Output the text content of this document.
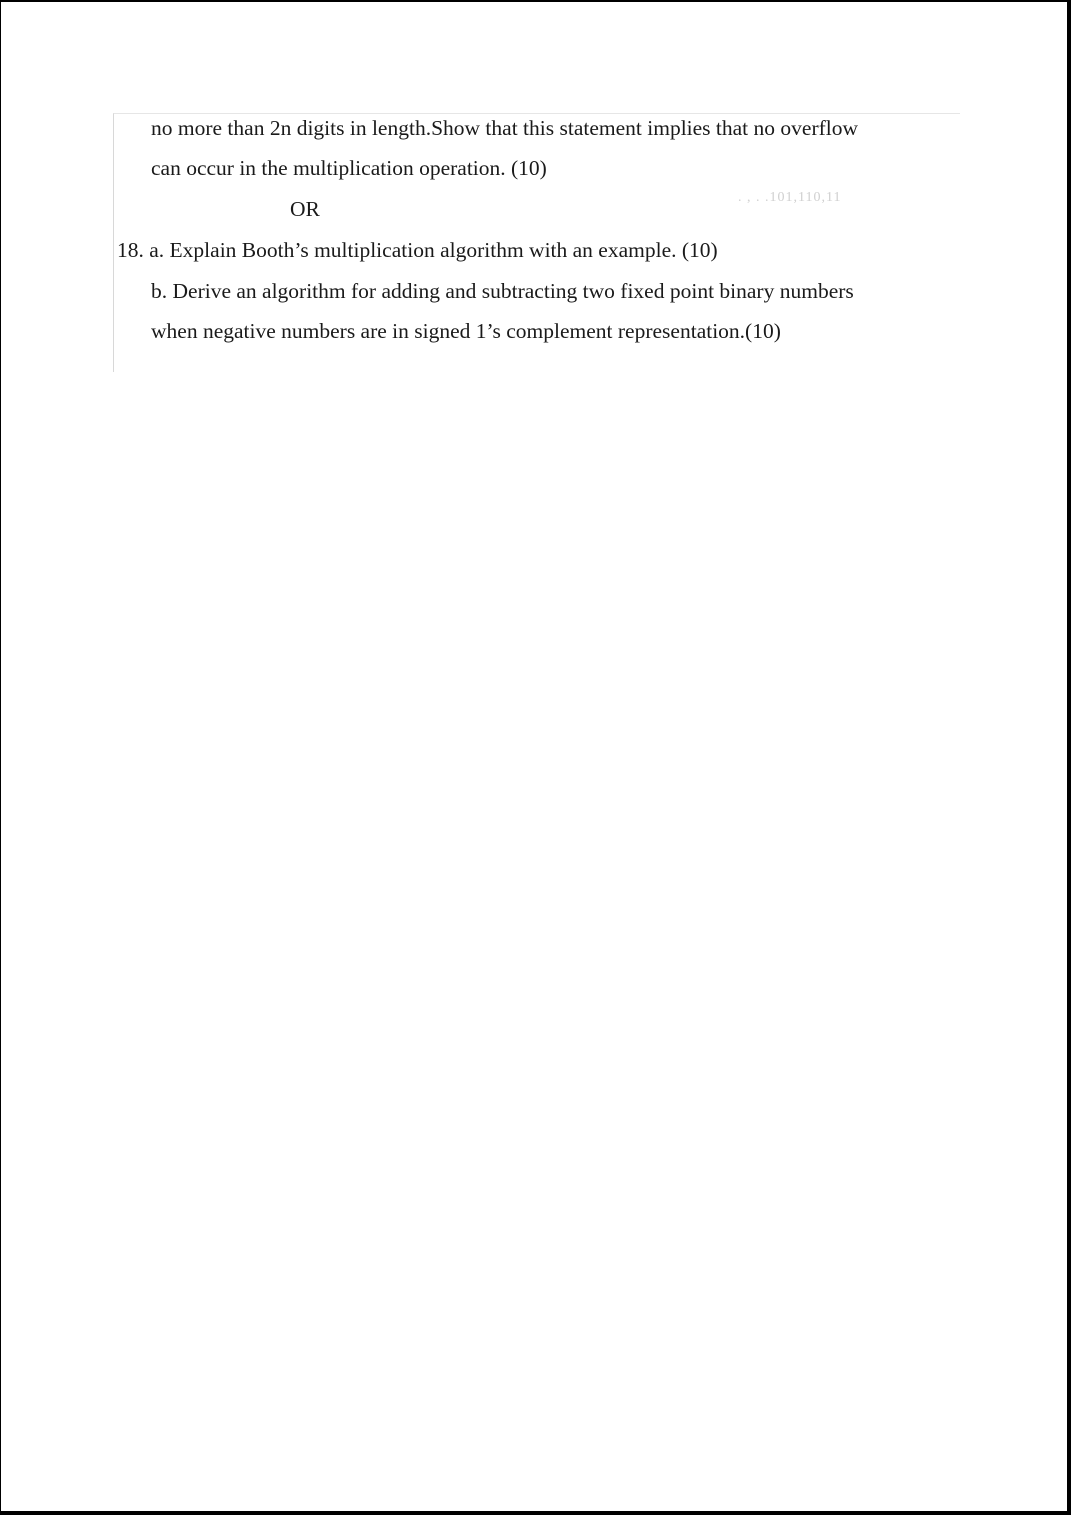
no more than 2n digits in length.Show that this statement implies that no overflow
can occur in the multiplication operation. (10)
OR	. , . .101,110,11
18. a. Explain Booth’s multiplication algorithm with an example. (10)
b. Derive an algorithm for adding and subtracting two fixed point binary numbers
when negative numbers are in signed 1’s complement representation.(10)
